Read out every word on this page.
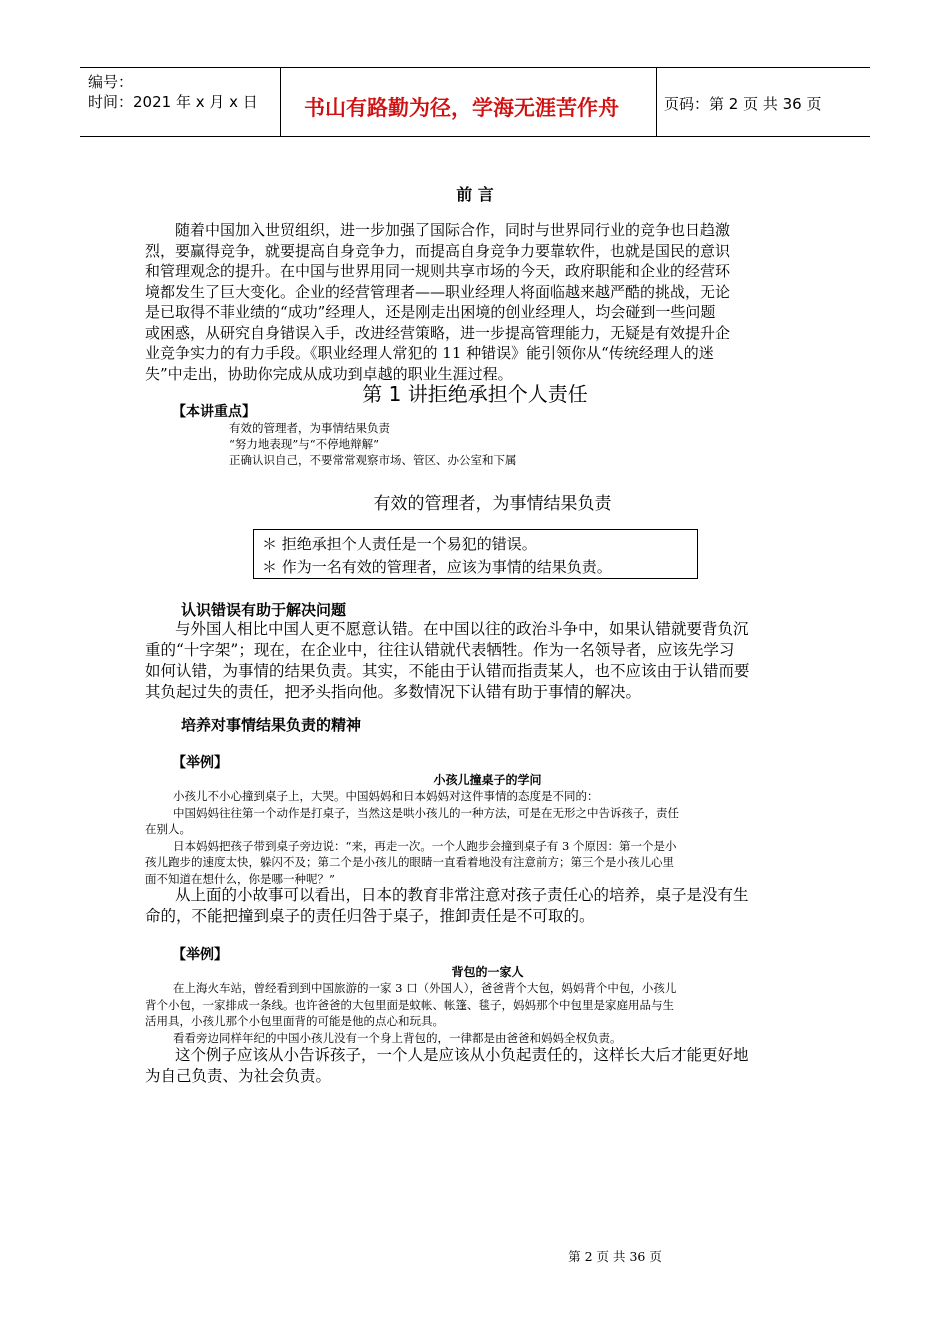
编号：
时间：2021 年 x 月 x 日 书山有路勤为径，学海无涯苦作舟	页码：第 2 页 共 36 页
前 言
随着中国加入世贸组织，进一步加强了国际合作，同时与世界同行业的竞争也日趋激
烈，要赢得竞争，就要提高自身竞争力，而提高自身竞争力要靠软件，也就是国民的意识
和管理观念的提升。在中国与世界用同一规则共享市场的今天，政府职能和企业的经营环
境都发生了巨大变化。企业的经营管理者——职业经理人将面临越来越严酷的挑战，无论
是已取得不菲业绩的“成功”经理人，还是刚走出困境的创业经理人，均会碰到一些问题
或困惑，从研究自身错误入手，改进经营策略，进一步提高管理能力，无疑是有效提升企
业竞争实力的有力手段。《职业经理人常犯的 11 种错误》能引领你从“传统经理人的迷
失”中走出，协助你完成从成功到卓越的职业生涯过程。
第 1 讲拒绝承担个人责任
【本讲重点】
有效的管理者，为事情结果负责
“努力地表现”与“不停地辩解”
正确认识自己，不要常常观察市场、管区、办公室和下属
有效的管理者，为事情结果负责
＊ 拒绝承担个人责任是一个易犯的错误。
＊ 作为一名有效的管理者，应该为事情的结果负责。
认识错误有助于解决问题
与外国人相比中国人更不愿意认错。在中国以往的政治斗争中，如果认错就要背负沉
重的“十字架”；现在，在企业中，往往认错就代表牺牲。作为一名领导者，应该先学习
如何认错，为事情的结果负责。其实，不能由于认错而指责某人，也不应该由于认错而要
其负起过失的责任，把矛头指向他。多数情况下认错有助于事情的解决。
培养对事情结果负责的精神
【举例】
小孩儿撞桌子的学问
小孩儿不小心撞到桌子上，大哭。中国妈妈和日本妈妈对这件事情的态度是不同的：
中国妈妈往往第一个动作是打桌子，当然这是哄小孩儿的一种方法，可是在无形之中告诉孩子，责任
在别人。
日本妈妈把孩子带到桌子旁边说：“来，再走一次。一个人跑步会撞到桌子有 3 个原因：第一个是小
孩儿跑步的速度太快，躲闪不及；第二个是小孩儿的眼睛一直看着地没有注意前方；第三个是小孩儿心里
面不知道在想什么，你是哪一种呢？”
从上面的小故事可以看出，日本的教育非常注意对孩子责任心的培养，桌子是没有生
命的，不能把撞到桌子的责任归咎于桌子，推卸责任是不可取的。
【举例】
背包的一家人
在上海火车站，曾经看到到中国旅游的一家 3 口（外国人），爸爸背个大包，妈妈背个中包，小孩儿
背个小包，一家排成一条线。也许爸爸的大包里面是蚊帐、帐篷、毯子，妈妈那个中包里是家庭用品与生
活用具，小孩儿那个小包里面背的可能是他的点心和玩具。
看看旁边同样年纪的中国小孩儿没有一个身上背包的，一律都是由爸爸和妈妈全权负责。
这个例子应该从小告诉孩子，一个人是应该从小负起责任的，这样长大后才能更好地
为自己负责、为社会负责。
第 2 页 共 36 页
